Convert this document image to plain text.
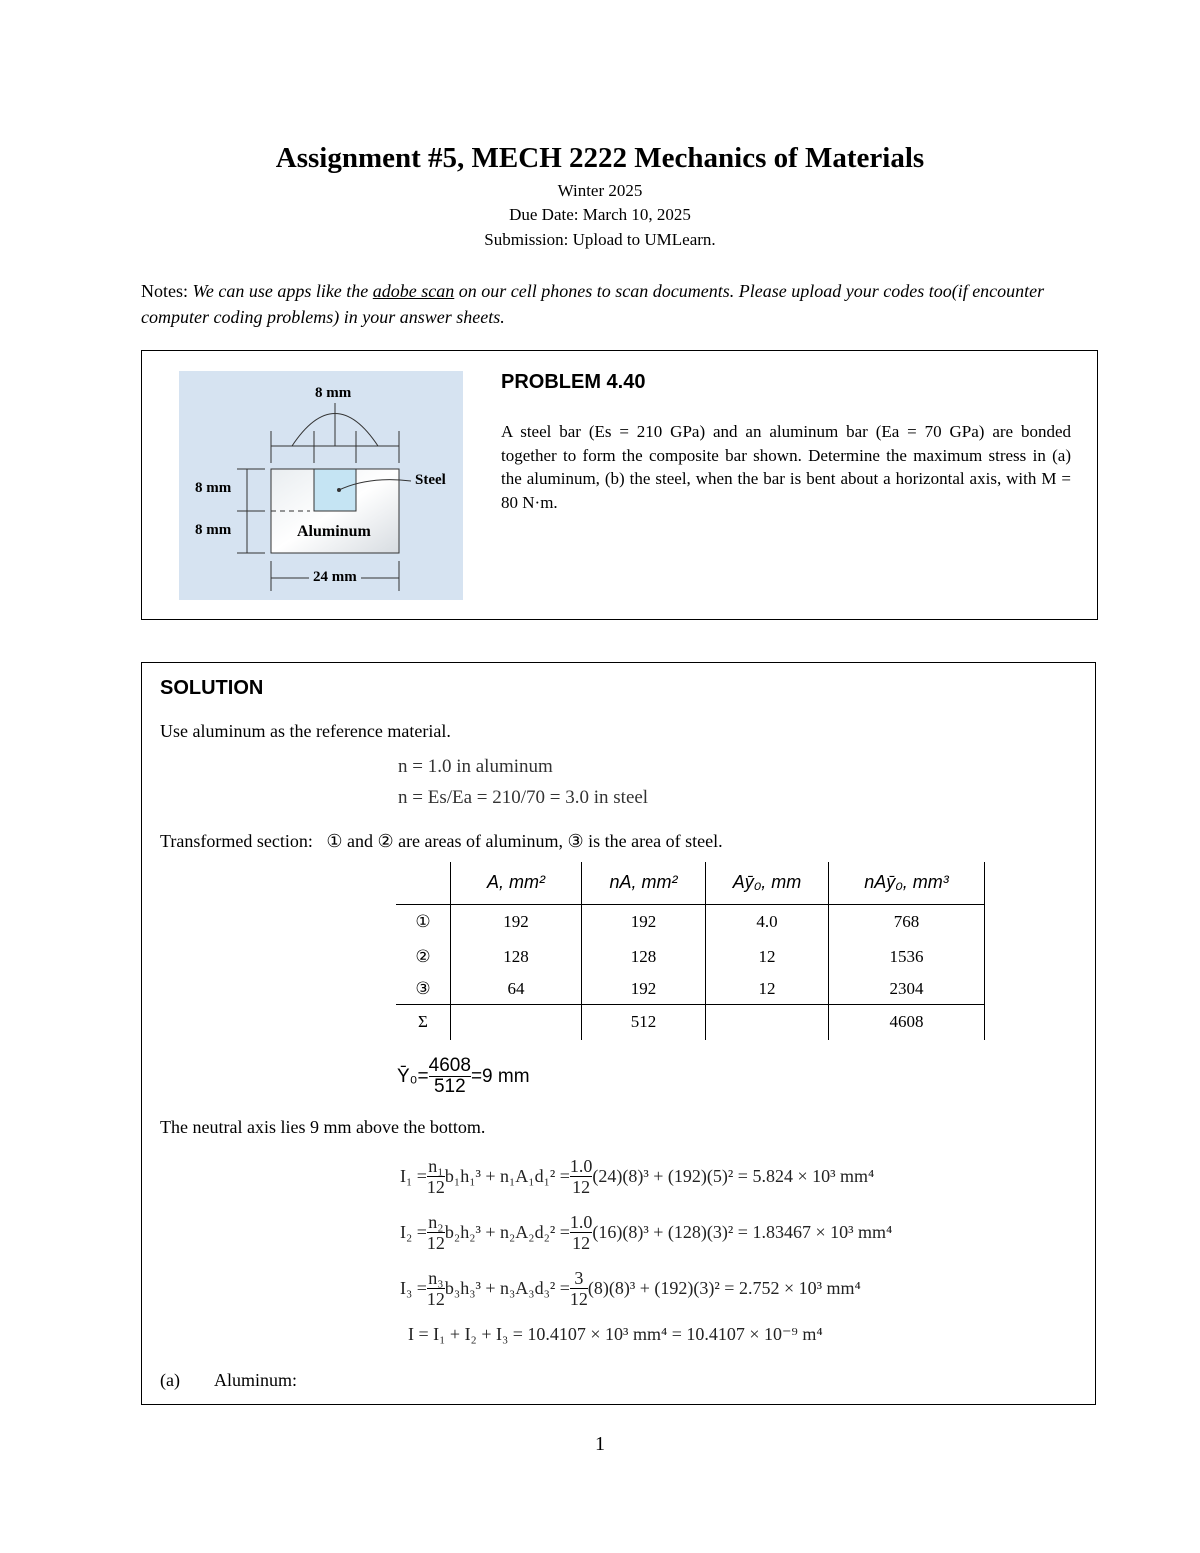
Assignment #5, MECH 2222 Mechanics of Materials
Winter 2025
Due Date: March 10, 2025
Submission: Upload to UMLearn.
Notes: We can use apps like the adobe scan on our cell phones to scan documents. Please upload your codes too(if encounter computer coding problems) in your answer sheets.
8 mm
8 mm
8 mm
Steel
Aluminum
24 mm
PROBLEM 4.40
A steel bar (Es = 210 GPa) and an aluminum bar (Ea = 70 GPa) are bonded together to form the composite bar shown. Determine the maximum stress in (a) the aluminum, (b) the steel, when the bar is bent about a horizontal axis, with M = 80 N·m.
SOLUTION
Use aluminum as the reference material.
n = 1.0 in aluminum
n = Es/Ea = 210/70 = 3.0 in steel
Transformed section:   ① and ② are areas of aluminum, ③ is the area of steel.
	A, mm²	nA, mm²	Aȳ₀, mm	nAȳ₀, mm³
①	192	192	4.0	768
②	128	128	12	1536
③	64	192	12	2304
Σ		512		4608
Ȳ₀= $\frac{4608}{512} =9$ mm
The neutral axis lies 9 mm above the bottom.
$I_1 = \frac{\text{n₁}}{12} b_1h_1^3 + n_1A_1d_1^2 = \frac{1.0}{12} (24)(8)^3 + (192)(5)^2 = 5.824 \times 10^3$ mm⁴
$I_2 = \frac{\text{n₂}}{12} b_2h_2^3 + n_2A_2d_2^2 = \frac{1.0}{12} (16)(8)^3 + (128)(3)^2 = 1.83467 \times 10^3$ mm⁴
$I_3 = \frac{\text{n₃}}{12} b_3h_3^3 + n_3A_3d_3^2 = \frac{3}{12} (8)(8)^3 + (192)(3)^2 = 2.752 \times 10^3$ mm⁴
I = I₁ + I₂ + I₃ = 10.4107 × 10³ mm⁴ = 10.4107 × 10⁻⁹ m⁴
(a) Aluminum:
1
